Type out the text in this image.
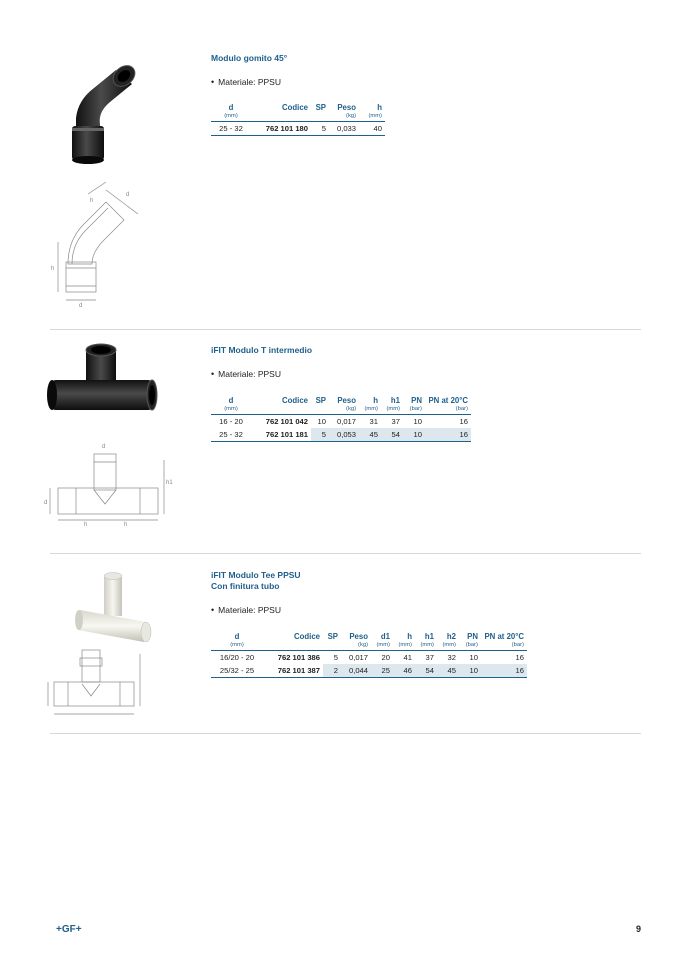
d
h
h
d
Modulo gomito 45°
• Materiale: PPSU
d	Codice	SP	Peso	h
(mm)			(kg)	(mm)
25 - 32	762 101 180	5	0,033	40
d
h1
d
h	h
iFIT Modulo T intermedio
• Materiale: PPSU
d	Codice	SP	Peso	h	h1	PN	PN at 20°C
(mm)			(kg)	(mm)	(mm)	(bar)	(bar)
16 - 20	762 101 042	10	0,017	31	37	10	16
25 - 32	762 101 181	5	0,053	45	54	10	16
iFIT Modulo Tee PPSU
Con finitura tubo
• Materiale: PPSU
d	Codice	SP	Peso	d1	h	h1	h2	PN	PN at 20°C
(mm)			(kg)	(mm)	(mm)	(mm)	(mm)	(bar)	(bar)
16/20 - 20	762 101 386	5	0,017	20	41	37	32	10	16
25/32 - 25	762 101 387	2	0,044	25	46	54	45	10	16
+GF+	9
